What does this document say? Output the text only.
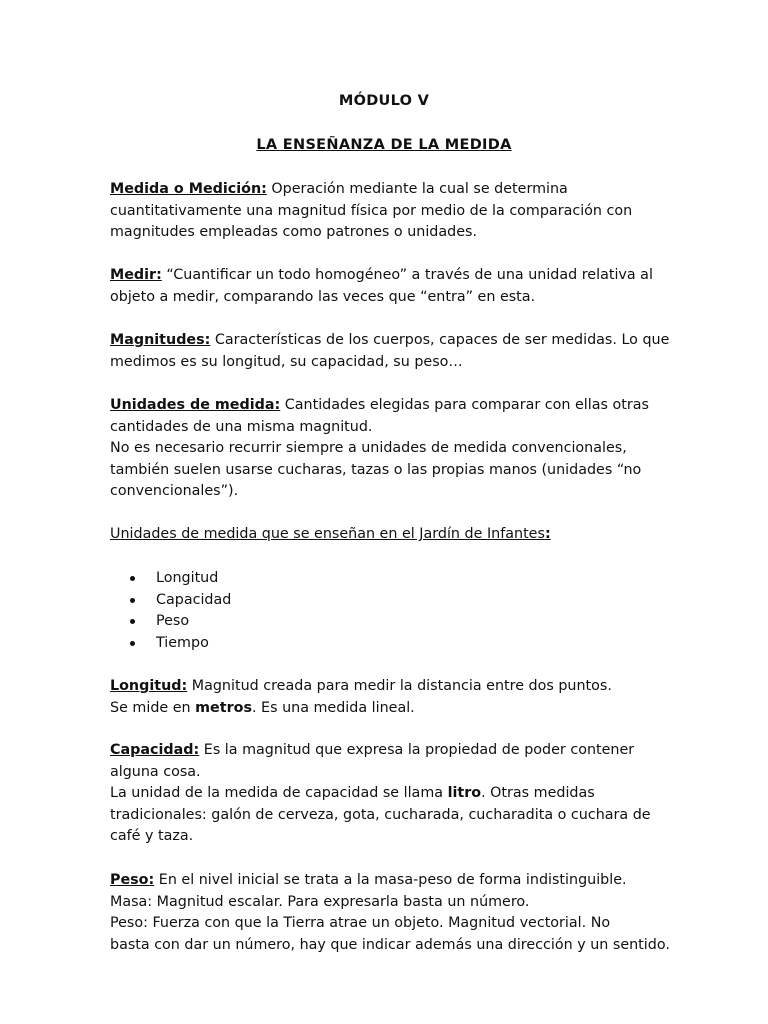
MÓDULO V
LA ENSEÑANZA DE LA MEDIDA
Medida o Medición: Operación mediante la cual se determina
cuantitativamente una magnitud física por medio de la comparación con
magnitudes empleadas como patrones o unidades.
Medir: “Cuantificar un todo homogéneo” a través de una unidad relativa al
objeto a medir, comparando las veces que “entra” en esta.
Magnitudes: Características de los cuerpos, capaces de ser medidas. Lo que
medimos es su longitud, su capacidad, su peso…
Unidades de medida: Cantidades elegidas para comparar con ellas otras
cantidades de una misma magnitud.
No es necesario recurrir siempre a unidades de medida convencionales,
también suelen usarse cucharas, tazas o las propias manos (unidades “no
convencionales”).
Unidades de medida que se enseñan en el Jardín de Infantes:
Longitud
Capacidad
Peso
Tiempo
Longitud: Magnitud creada para medir la distancia entre dos puntos.
Se mide en metros. Es una medida lineal.
Capacidad: Es la magnitud que expresa la propiedad de poder contener
alguna cosa.
La unidad de la medida de capacidad se llama litro. Otras medidas
tradicionales: galón de cerveza, gota, cucharada, cucharadita o cuchara de
café y taza.
Peso: En el nivel inicial se trata a la masa-peso de forma indistinguible.
Masa: Magnitud escalar. Para expresarla basta un número.
Peso: Fuerza con que la Tierra atrae un objeto. Magnitud vectorial. No
basta con dar un número, hay que indicar además una dirección y un sentido.
